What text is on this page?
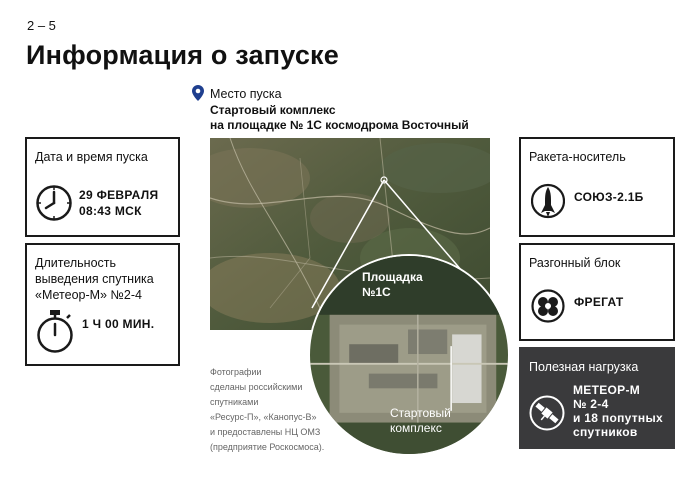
2 – 5
Информация о запуске
Место пуска
Стартовый комплекс
на площадке № 1С космодрома Восточный
Площадка
№1С
Стартовый
комплекс
Фотографии
сделаны российскими
спутниками
«Ресурс-П», «Канопус-В»
и предоставлены НЦ ОМЗ
(предприятие Роскосмоса).
Дата и время пуска
29 ФЕВРАЛЯ
08:43 МСК
Длительность
выведения спутника
«Метеор-М» №2-4
1 Ч 00 МИН.
Ракета-носитель
СОЮЗ-2.1Б
Разгонный блок
ФРЕГАТ
Полезная нагрузка
МЕТЕОР-М
№ 2-4
и 18 попутных
спутников
